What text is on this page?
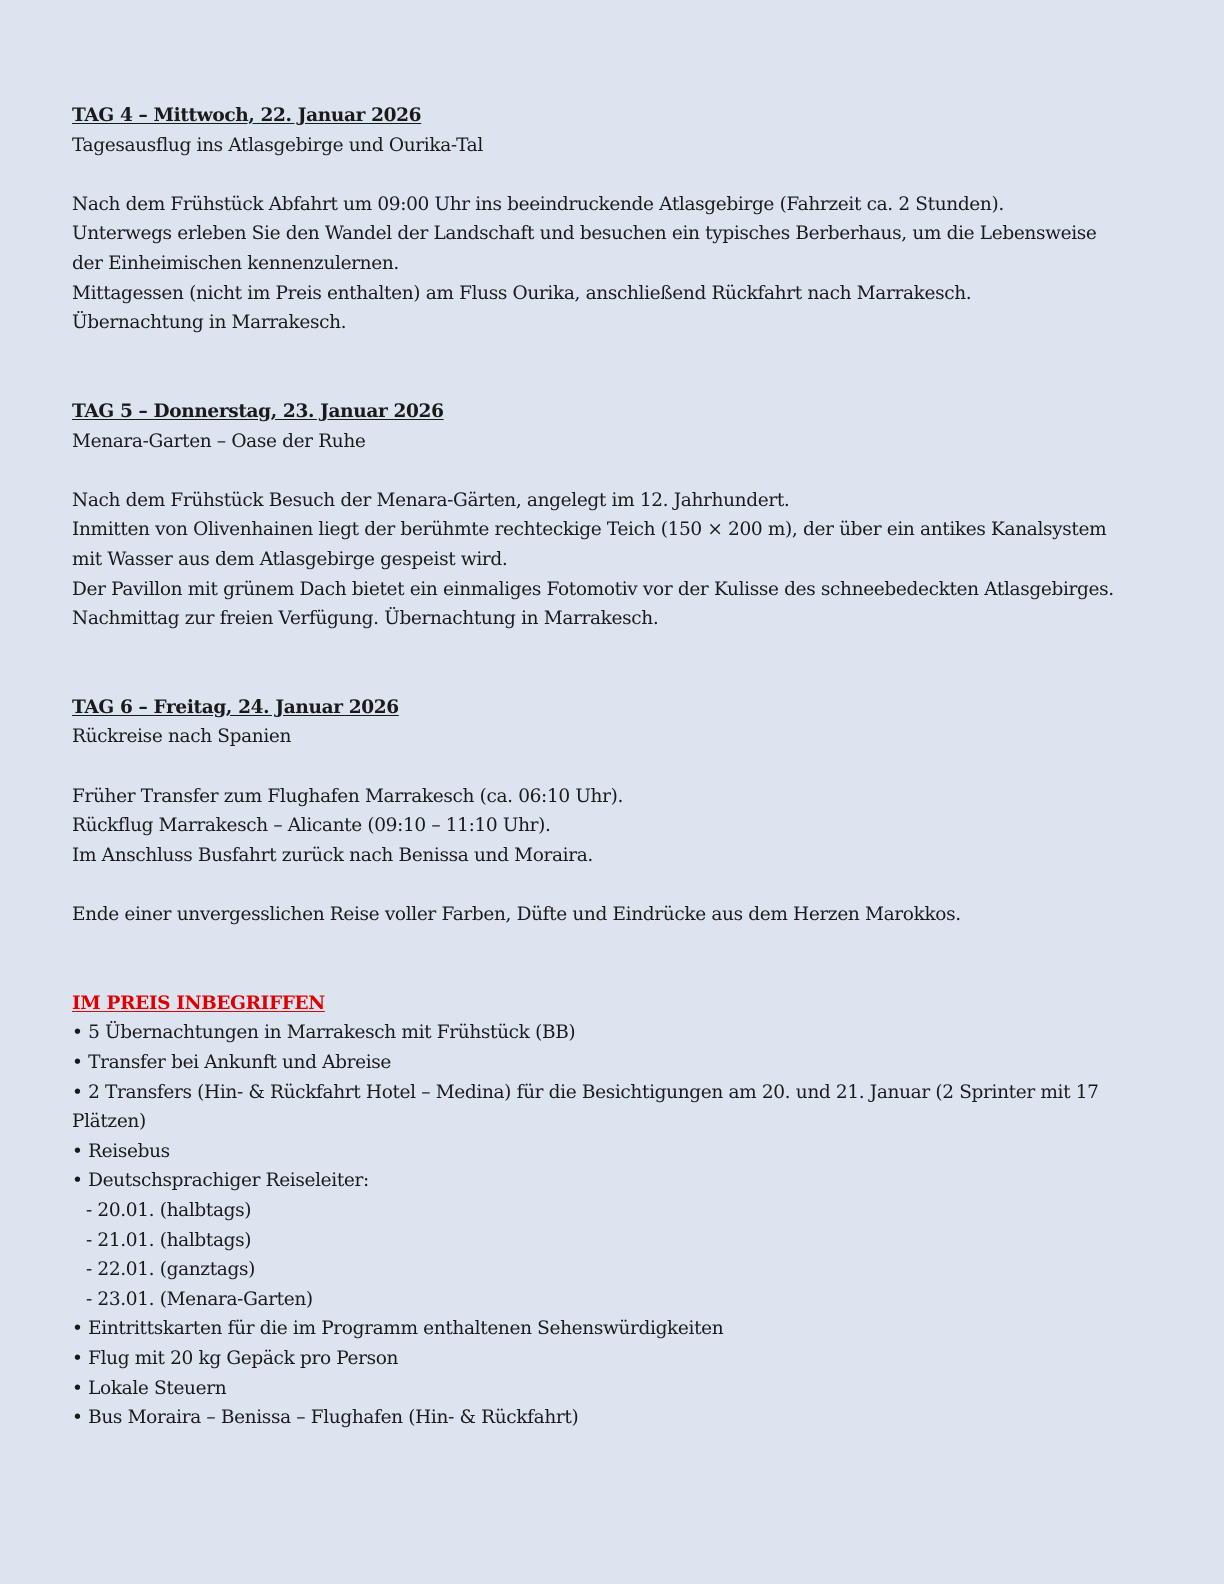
TAG 4 – Mittwoch, 22. Januar 2026
Tagesausflug ins Atlasgebirge und Ourika-Tal
Nach dem Frühstück Abfahrt um 09:00 Uhr ins beeindruckende Atlasgebirge (Fahrzeit ca. 2 Stunden).
Unterwegs erleben Sie den Wandel der Landschaft und besuchen ein typisches Berberhaus, um die Lebensweise
der Einheimischen kennenzulernen.
Mittagessen (nicht im Preis enthalten) am Fluss Ourika, anschließend Rückfahrt nach Marrakesch.
Übernachtung in Marrakesch.
TAG 5 – Donnerstag, 23. Januar 2026
Menara-Garten – Oase der Ruhe
Nach dem Frühstück Besuch der Menara-Gärten, angelegt im 12. Jahrhundert.
Inmitten von Olivenhainen liegt der berühmte rechteckige Teich (150 × 200 m), der über ein antikes Kanalsystem
mit Wasser aus dem Atlasgebirge gespeist wird.
Der Pavillon mit grünem Dach bietet ein einmaliges Fotomotiv vor der Kulisse des schneebedeckten Atlasgebirges.
Nachmittag zur freien Verfügung. Übernachtung in Marrakesch.
TAG 6 – Freitag, 24. Januar 2026
Rückreise nach Spanien
Früher Transfer zum Flughafen Marrakesch (ca. 06:10 Uhr).
Rückflug Marrakesch – Alicante (09:10 – 11:10 Uhr).
Im Anschluss Busfahrt zurück nach Benissa und Moraira.
Ende einer unvergesslichen Reise voller Farben, Düfte und Eindrücke aus dem Herzen Marokkos.
IM PREIS INBEGRIFFEN
• 5 Übernachtungen in Marrakesch mit Frühstück (BB)
• Transfer bei Ankunft und Abreise
• 2 Transfers (Hin- & Rückfahrt Hotel – Medina) für die Besichtigungen am 20. und 21. Januar (2 Sprinter mit 17
Plätzen)
• Reisebus
• Deutschsprachiger Reiseleiter:
- 20.01. (halbtags)
- 21.01. (halbtags)
- 22.01. (ganztags)
- 23.01. (Menara-Garten)
• Eintrittskarten für die im Programm enthaltenen Sehenswürdigkeiten
• Flug mit 20 kg Gepäck pro Person
• Lokale Steuern
• Bus Moraira – Benissa – Flughafen (Hin- & Rückfahrt)
